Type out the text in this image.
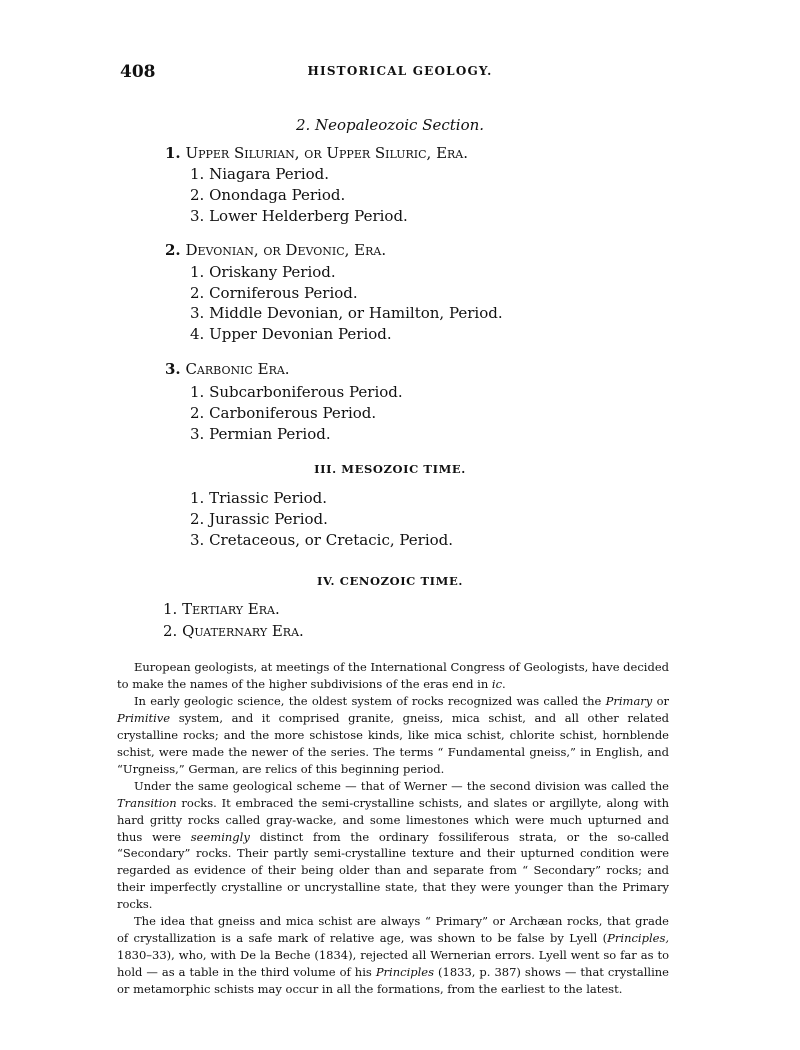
408	HISTORICAL GEOLOGY.
2. Neopaleozoic Section.
1. Upper Silurian, or Upper Siluric, Era.
1. Niagara Period.
2. Onondaga Period.
3. Lower Helderberg Period.
2. Devonian, or Devonic, Era.
1. Oriskany Period.
2. Corniferous Period.
3. Middle Devonian, or Hamilton, Period.
4. Upper Devonian Period.
3. Carbonic Era.
1. Subcarboniferous Period.
2. Carboniferous Period.
3. Permian Period.
III. MESOZOIC TIME.
1. Triassic Period.
2. Jurassic Period.
3. Cretaceous, or Cretacic, Period.
IV. CENOZOIC TIME.
1. Tertiary Era.
2. Quaternary Era.

European geologists, at meetings of the International Congress of Geologists, have decided to make the names of the higher subdivisions of the eras end in ic.

In early geologic science, the oldest system of rocks recognized was called the Primary or Primitive system, and it comprised granite, gneiss, mica schist, and all other related crystalline rocks; and the more schistose kinds, like mica schist, chlorite schist, hornblende schist, were made the newer of the series. The terms “ Fundamental gneiss,” in English, and “Urgneiss,” German, are relics of this beginning period.

Under the same geological scheme — that of Werner — the second division was called the Transition rocks. It embraced the semi-crystalline schists, and slates or argillyte, along with hard gritty rocks called gray-wacke, and some limestones which were much upturned and thus were seemingly distinct from the ordinary fossiliferous strata, or the so-called “Secondary” rocks. Their partly semi-crystalline texture and their upturned condition were regarded as evidence of their being older than and separate from “ Secondary” rocks; and their imperfectly crystalline or uncrystalline state, that they were younger than the Primary rocks.

The idea that gneiss and mica schist are always “ Primary” or Archæan rocks, that grade of crystallization is a safe mark of relative age, was shown to be false by Lyell (Principles, 1830–33), who, with De la Beche (1834), rejected all Wernerian errors. Lyell went so far as to hold — as a table in the third volume of his Principles (1833, p. 387) shows — that crystalline or metamorphic schists may occur in all the formations, from the earliest to the latest.
